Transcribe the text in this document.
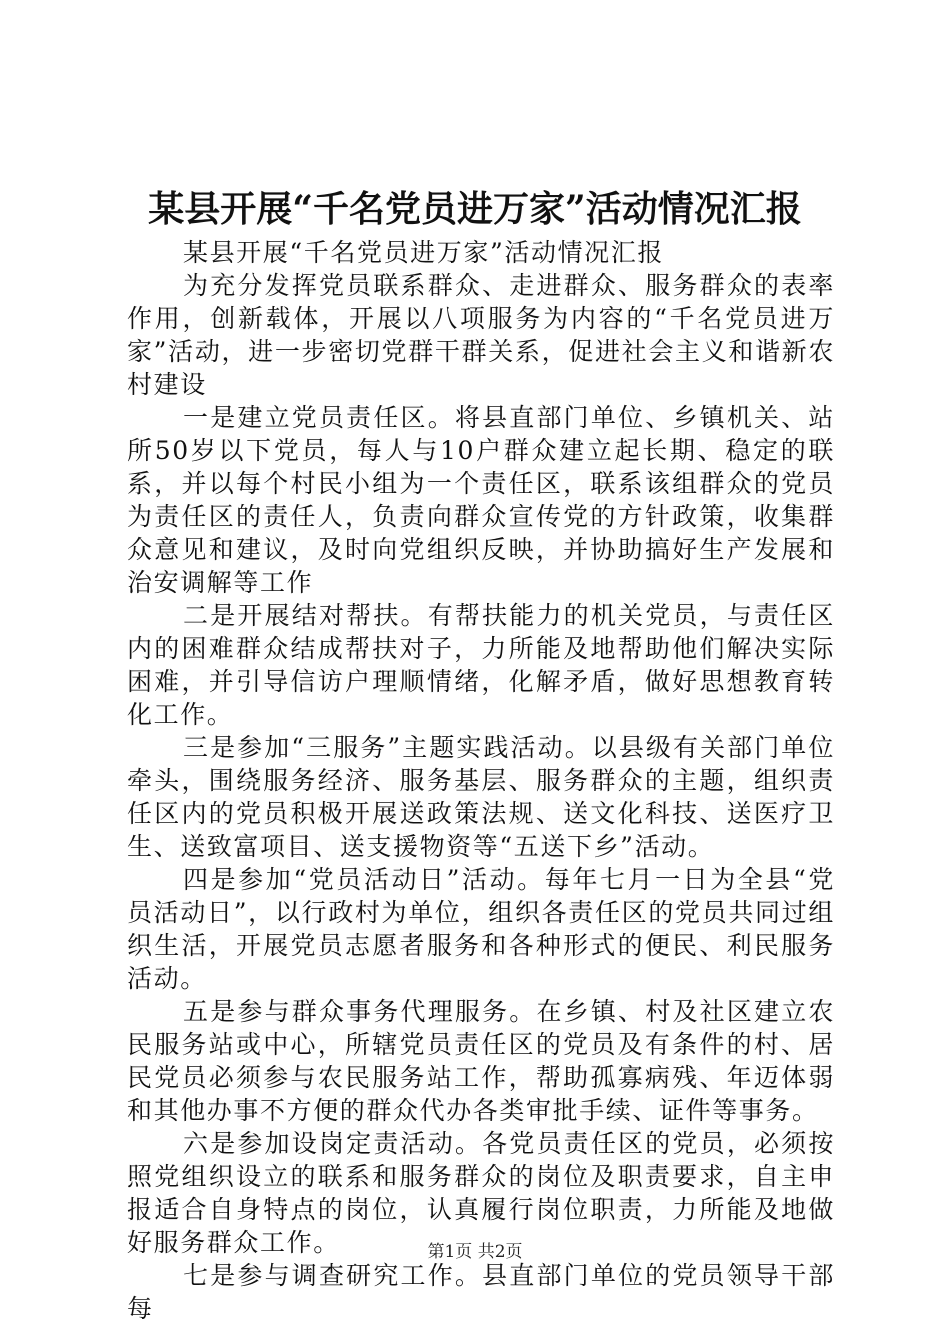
某县开展“千名党员进万家”活动情况汇报

某县开展“千名党员进万家”活动情况汇报

为充分发挥党员联系群众、走进群众、服务群众的表率作用，创新载体，开展以八项服务为内容的“千名党员进万家”活动，进一步密切党群干群关系，促进社会主义和谐新农村建设

一是建立党员责任区。将县直部门单位、乡镇机关、站所50岁以下党员，每人与10户群众建立起长期、稳定的联系，并以每个村民小组为一个责任区，联系该组群众的党员为责任区的责任人，负责向群众宣传党的方针政策，收集群众意见和建议，及时向党组织反映，并协助搞好生产发展和治安调解等工作

二是开展结对帮扶。有帮扶能力的机关党员，与责任区内的困难群众结成帮扶对子，力所能及地帮助他们解决实际困难，并引导信访户理顺情绪，化解矛盾，做好思想教育转化工作。

三是参加“三服务”主题实践活动。以县级有关部门单位牵头，围绕服务经济、服务基层、服务群众的主题，组织责任区内的党员积极开展送政策法规、送文化科技、送医疗卫生、送致富项目、送支援物资等“五送下乡”活动。

四是参加“党员活动日”活动。每年七月一日为全县“党员活动日”，以行政村为单位，组织各责任区的党员共同过组织生活，开展党员志愿者服务和各种形式的便民、利民服务活动。

五是参与群众事务代理服务。在乡镇、村及社区建立农民服务站或中心，所辖党员责任区的党员及有条件的村、居民党员必须参与农民服务站工作，帮助孤寡病残、年迈体弱和其他办事不方便的群众代办各类审批手续、证件等事务。

六是参加设岗定责活动。各党员责任区的党员，必须按照党组织设立的联系和服务群众的岗位及职责要求，自主申报适合自身特点的岗位，认真履行岗位职责，力所能及地做好服务群众工作。

七是参与调查研究工作。县直部门单位的党员领导干部每

第1页 共2页
